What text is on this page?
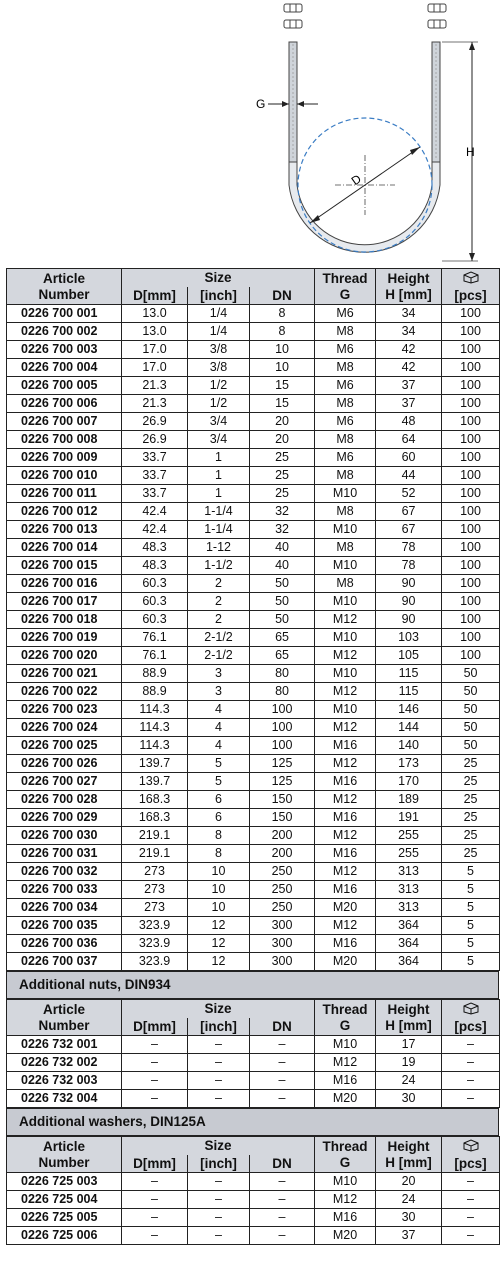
D
G
H
Article
Number	Size			Thread
G	Height
H [mm]	[pcs]
	D[mm]	[inch]	DN			
0226 700 001	13.0	1/4	8	M6	34	100
0226 700 002	13.0	1/4	8	M8	34	100
0226 700 003	17.0	3/8	10	M6	42	100
0226 700 004	17.0	3/8	10	M8	42	100
0226 700 005	21.3	1/2	15	M6	37	100
0226 700 006	21.3	1/2	15	M8	37	100
0226 700 007	26.9	3/4	20	M6	48	100
0226 700 008	26.9	3/4	20	M8	64	100
0226 700 009	33.7	1	25	M6	60	100
0226 700 010	33.7	1	25	M8	44	100
0226 700 011	33.7	1	25	M10	52	100
0226 700 012	42.4	1-1/4	32	M8	67	100
0226 700 013	42.4	1-1/4	32	M10	67	100
0226 700 014	48.3	1-12	40	M8	78	100
0226 700 015	48.3	1-1/2	40	M10	78	100
0226 700 016	60.3	2	50	M8	90	100
0226 700 017	60.3	2	50	M10	90	100
0226 700 018	60.3	2	50	M12	90	100
0226 700 019	76.1	2-1/2	65	M10	103	100
0226 700 020	76.1	2-1/2	65	M12	105	100
0226 700 021	88.9	3	80	M10	115	50
0226 700 022	88.9	3	80	M12	115	50
0226 700 023	114.3	4	100	M10	146	50
0226 700 024	114.3	4	100	M12	144	50
0226 700 025	114.3	4	100	M16	140	50
0226 700 026	139.7	5	125	M12	173	25
0226 700 027	139.7	5	125	M16	170	25
0226 700 028	168.3	6	150	M12	189	25
0226 700 029	168.3	6	150	M16	191	25
0226 700 030	219.1	8	200	M12	255	25
0226 700 031	219.1	8	200	M16	255	25
0226 700 032	273	10	250	M12	313	5
0226 700 033	273	10	250	M16	313	5
0226 700 034	273	10	250	M20	313	5
0226 700 035	323.9	12	300	M12	364	5
0226 700 036	323.9	12	300	M16	364	5
0226 700 037	323.9	12	300	M20	364	5
Additional nuts, DIN934
Article
Number	Size			Thread
G	Height
H [mm]	[pcs]
	D[mm]	[inch]	DN			
0226 732 001	–	–	–	M10	17	–
0226 732 002	–	–	–	M12	19	–
0226 732 003	–	–	–	M16	24	–
0226 732 004	–	–	–	M20	30	–
Additional washers, DIN125A
Article
Number	Size			Thread
G	Height
H [mm]	[pcs]
	D[mm]	[inch]	DN			
0226 725 003	–	–	–	M10	20	–
0226 725 004	–	–	–	M12	24	–
0226 725 005	–	–	–	M16	30	–
0226 725 006	–	–	–	M20	37	–
